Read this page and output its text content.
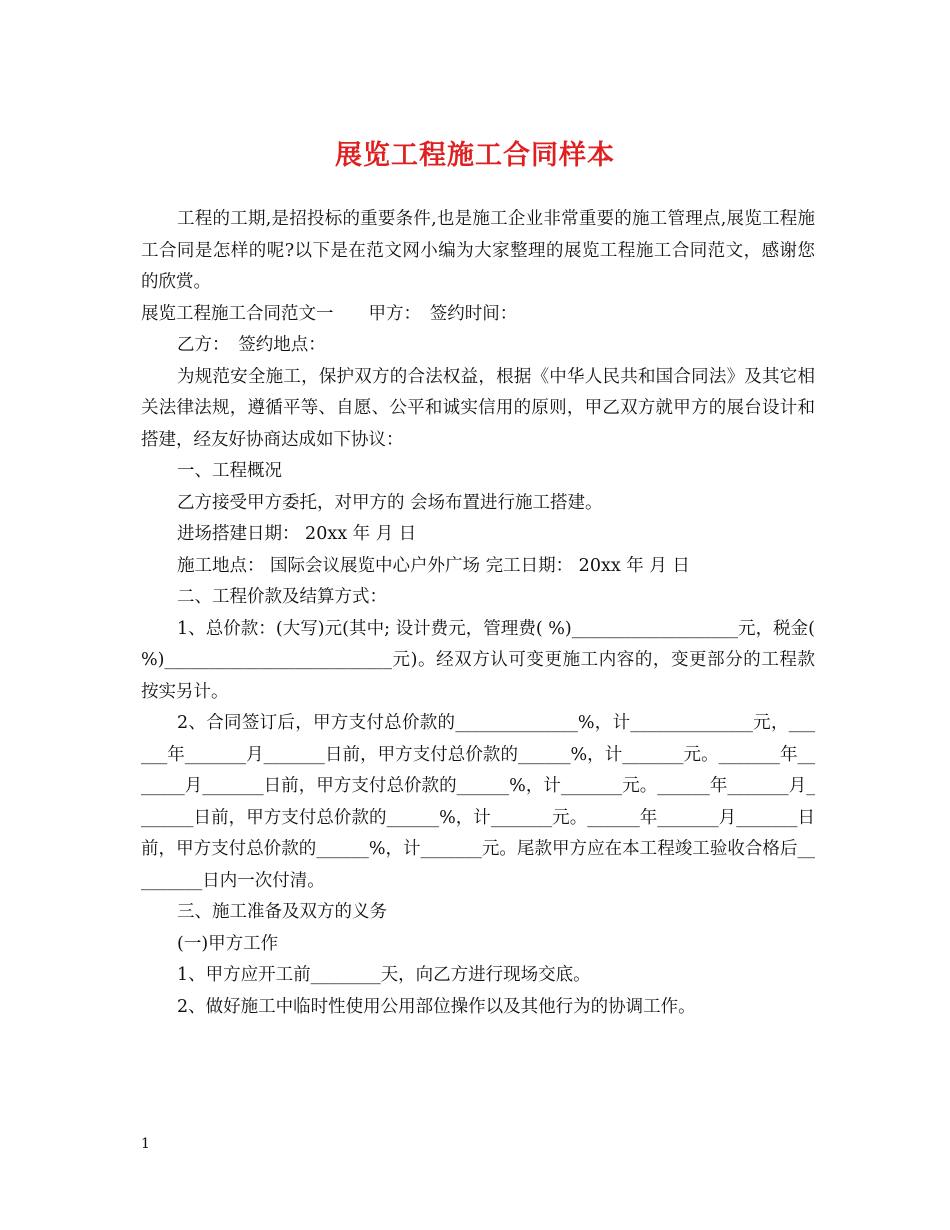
展览工程施工合同样本

工程的工期,是招投标的重要条件,也是施工企业非常重要的施工管理点,展览工程施工合同是怎样的呢?以下是在范文网小编为大家整理的展览工程施工合同范文，感谢您的欣赏。

展览工程施工合同范文一　　甲方：　签约时间：

乙方：　签约地点：

为规范安全施工，保护双方的合法权益，根据《中华人民共和国合同法》及其它相关法律法规，遵循平等、自愿、公平和诚实信用的原则，甲乙双方就甲方的展台设计和搭建，经友好协商达成如下协议：

一、工程概况

乙方接受甲方委托，对甲方的 会场布置进行施工搭建。

进场搭建日期： 20xx 年 月 日

施工地点： 国际会议展览中心户外广场 完工日期： 20xx 年 月 日

二、工程价款及结算方式：

1、总价款：(大写)元(其中; 设计费元，管理费( %)___________________元，税金( %)__________________________元)。经双方认可变更施工内容的，变更部分的工程款按实另计。

2、合同签订后，甲方支付总价款的______________%，计______________元，______年_______月_______日前，甲方支付总价款的______%，计_______元。_______年_______月_______日前，甲方支付总价款的______%，计_______元。______年_______月_______日前，甲方支付总价款的______%，计_______元。______年_______月_______日前，甲方支付总价款的______%，计_______元。尾款甲方应在本工程竣工验收合格后_________日内一次付清。

三、施工准备及双方的义务

(一)甲方工作

1、甲方应开工前________天，向乙方进行现场交底。

2、做好施工中临时性使用公用部位操作以及其他行为的协调工作。

1
